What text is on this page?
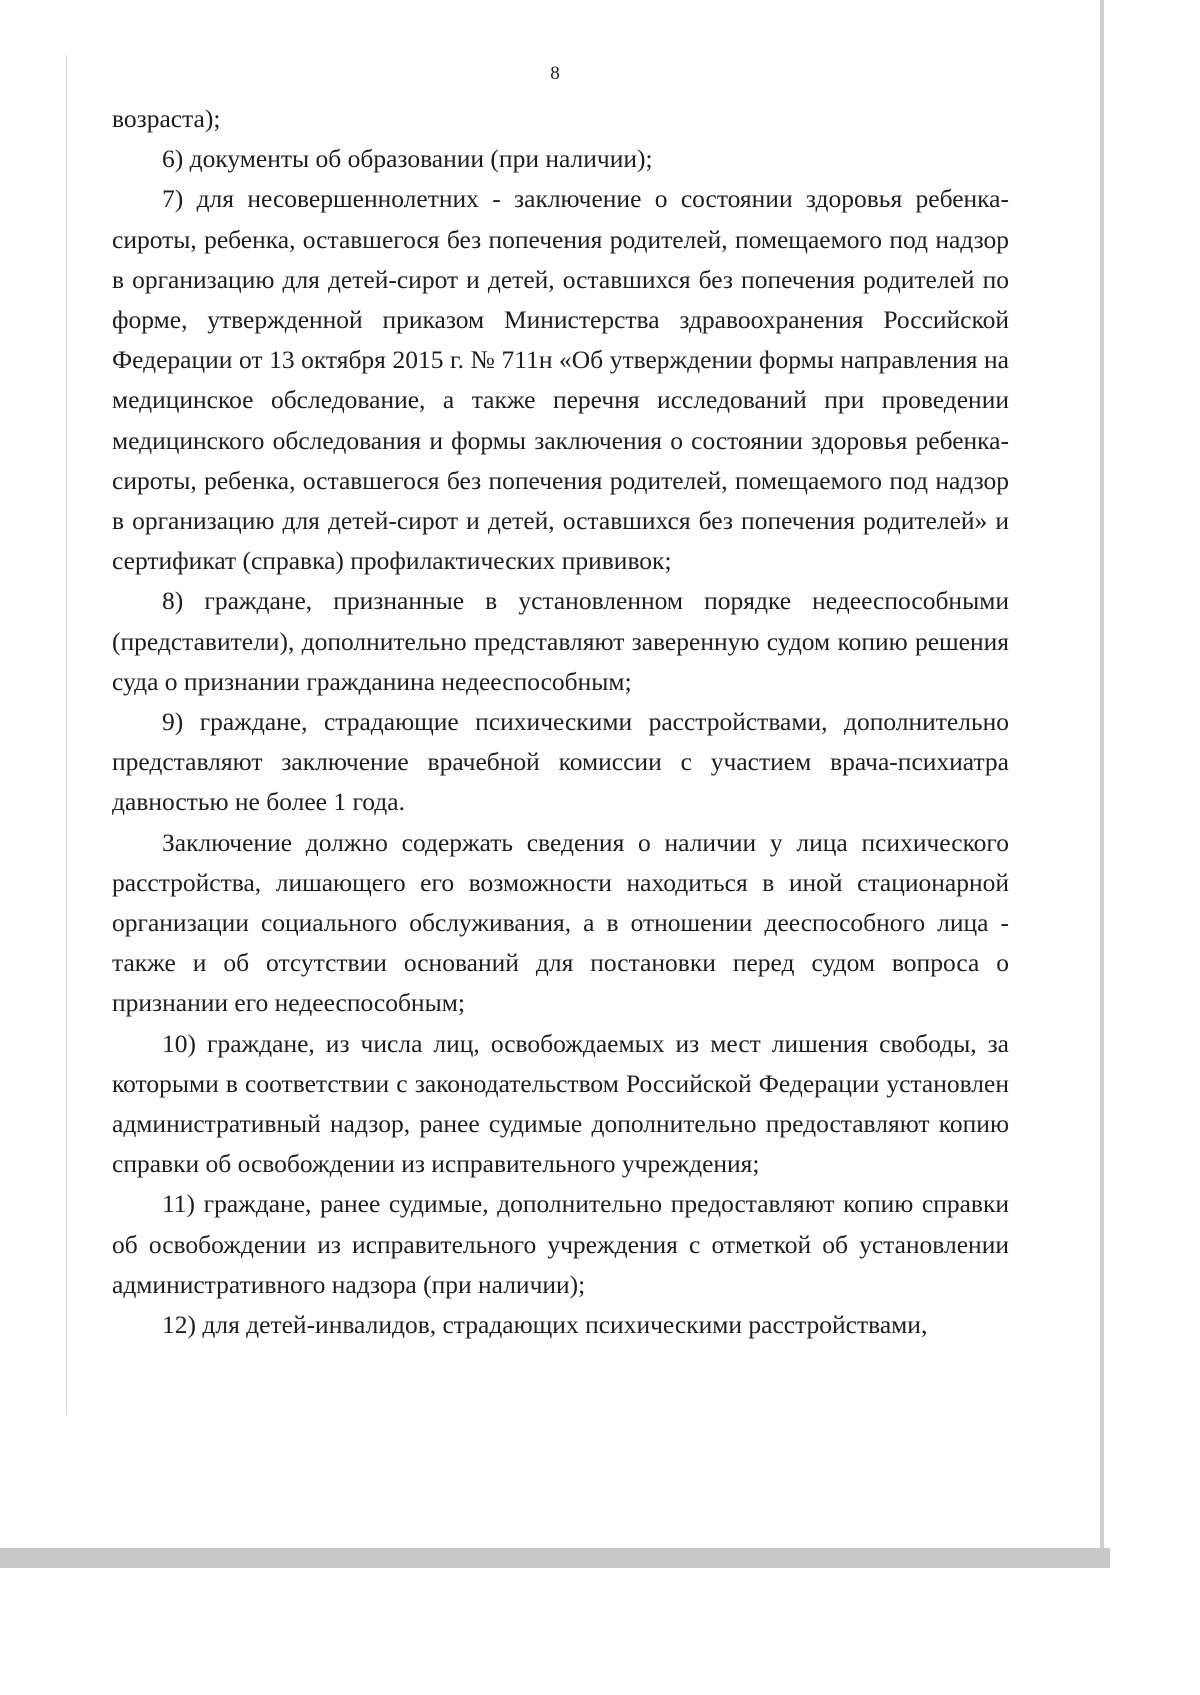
8

возраста);

6) документы об образовании (при наличии);

7) для несовершеннолетних - заключение о состоянии здоровья ребенка-сироты, ребенка, оставшегося без попечения родителей, помещаемого под надзор в организацию для детей-сирот и детей, оставшихся без попечения родителей по форме, утвержденной приказом Министерства здравоохранения Российской Федерации от 13 октября 2015 г. № 711н «Об утверждении формы направления на медицинское обследование, а также перечня исследований при проведении медицинского обследования и формы заключения о состоянии здоровья ребенка-сироты, ребенка, оставшегося без попечения родителей, помещаемого под надзор в организацию для детей-сирот и детей, оставшихся без попечения родителей» и сертификат (справка) профилактических прививок;

8) граждане, признанные в установленном порядке недееспособными (представители), дополнительно представляют заверенную судом копию решения суда о признании гражданина недееспособным;

9) граждане, страдающие психическими расстройствами, дополнительно представляют заключение врачебной комиссии с участием врача-психиатра давностью не более 1 года.

Заключение должно содержать сведения о наличии у лица психического расстройства, лишающего его возможности находиться в иной стационарной организации социального обслуживания, а в отношении дееспособного лица - также и об отсутствии оснований для постановки перед судом вопроса о признании его недееспособным;

10) граждане, из числа лиц, освобождаемых из мест лишения свободы, за которыми в соответствии с законодательством Российской Федерации установлен административный надзор, ранее судимые дополнительно предоставляют копию справки об освобождении из исправительного учреждения;

11) граждане, ранее судимые, дополнительно предоставляют копию справки об освобождении из исправительного учреждения с отметкой об установлении административного надзора (при наличии);

12) для детей-инвалидов, страдающих психическими расстройствами,
